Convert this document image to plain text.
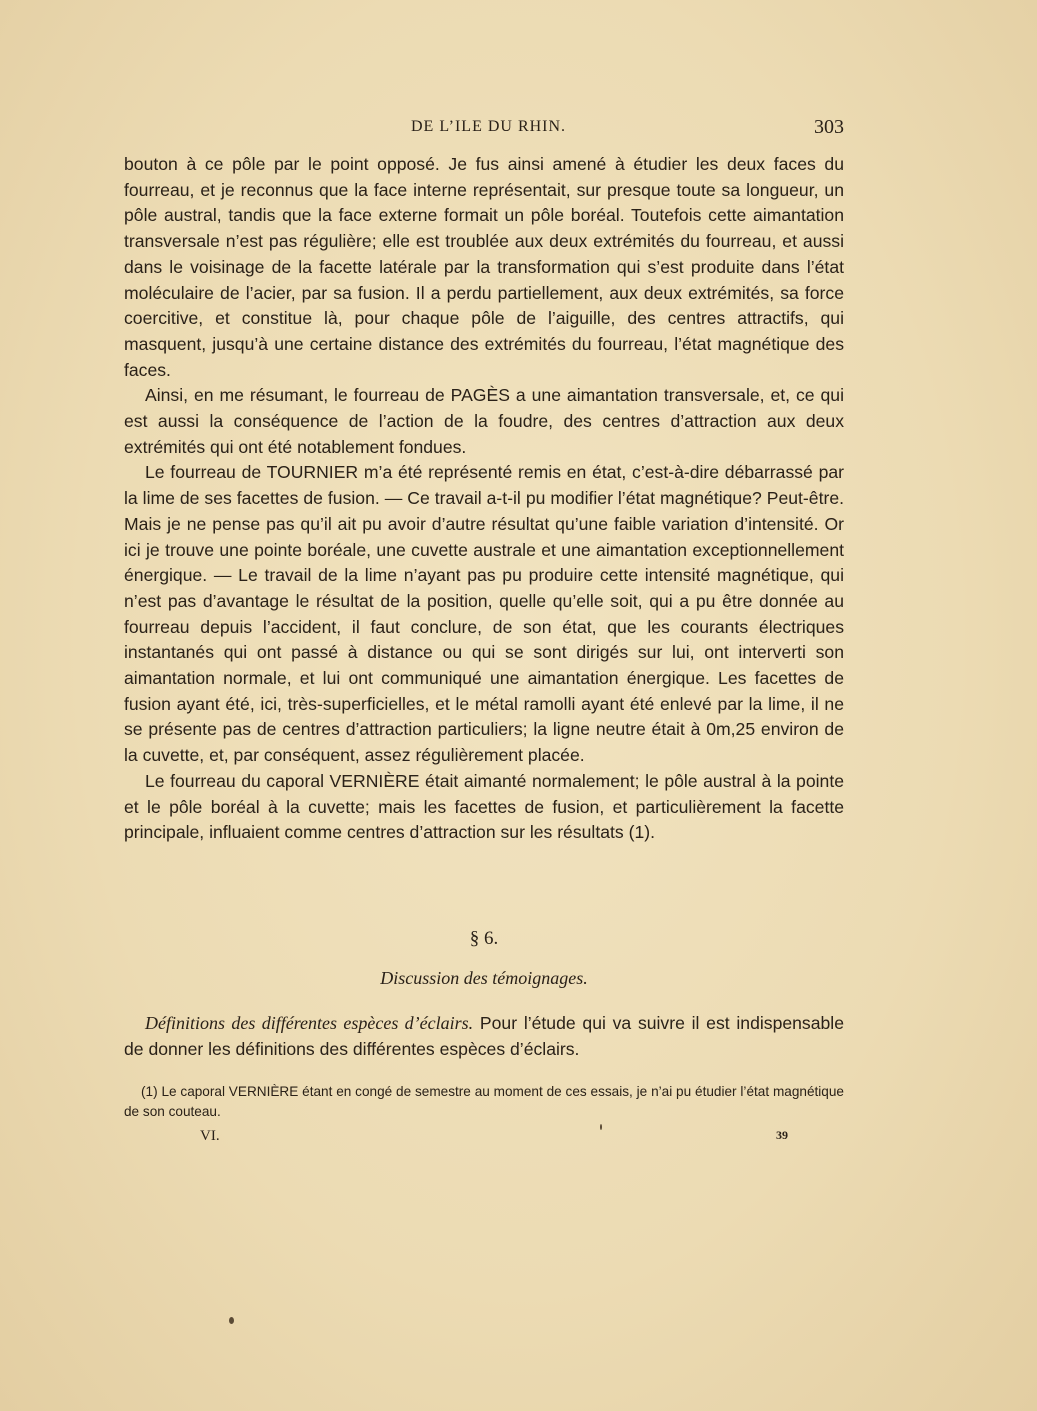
DE L’ILE DU RHIN.	303

bouton à ce pôle par le point opposé. Je fus ainsi amené à étudier les deux faces du fourreau, et je reconnus que la face interne représentait, sur presque toute sa longueur, un pôle austral, tandis que la face externe formait un pôle boréal. Toutefois cette aimantation transversale n’est pas régulière; elle est troublée aux deux extrémités du fourreau, et aussi dans le voisinage de la facette latérale par la transformation qui s’est produite dans l’état moléculaire de l’acier, par sa fusion. Il a perdu partiellement, aux deux extrémités, sa force coercitive, et constitue là, pour chaque pôle de l’aiguille, des centres attractifs, qui masquent, jusqu’à une certaine distance des extrémités du fourreau, l’état magnétique des faces.

Ainsi, en me résumant, le fourreau de PAGÈS a une aimantation transversale, et, ce qui est aussi la conséquence de l’action de la foudre, des centres d’attraction aux deux extrémités qui ont été notablement fondues.

Le fourreau de TOURNIER m’a été représenté remis en état, c’est-à-dire débarrassé par la lime de ses facettes de fusion. — Ce travail a-t-il pu modifier l’état magnétique? Peut-être. Mais je ne pense pas qu’il ait pu avoir d’autre résultat qu’une faible variation d’intensité. Or ici je trouve une pointe boréale, une cuvette australe et une aimantation exceptionnellement énergique. — Le travail de la lime n’ayant pas pu produire cette intensité magnétique, qui n’est pas d’avantage le résultat de la position, quelle qu’elle soit, qui a pu être donnée au fourreau depuis l’accident, il faut conclure, de son état, que les courants électriques instantanés qui ont passé à distance ou qui se sont dirigés sur lui, ont interverti son aimantation normale, et lui ont communiqué une aimantation énergique. Les facettes de fusion ayant été, ici, très-superficielles, et le métal ramolli ayant été enlevé par la lime, il ne se présente pas de centres d’attraction particuliers; la ligne neutre était à 0m,25 environ de la cuvette, et, par conséquent, assez régulièrement placée.

Le fourreau du caporal VERNIÈRE était aimanté normalement; le pôle austral à la pointe et le pôle boréal à la cuvette; mais les facettes de fusion, et particulièrement la facette principale, influaient comme centres d’attraction sur les résultats (1).

§ 6.
Discussion des témoignages.
Définitions des différentes espèces d’éclairs. Pour l’étude qui va suivre il est indispensable de donner les définitions des différentes espèces d’éclairs.
(1) Le caporal VERNIÈRE étant en congé de semestre au moment de ces essais, je n’ai pu étudier l’état magnétique de son couteau.
VI.	39
